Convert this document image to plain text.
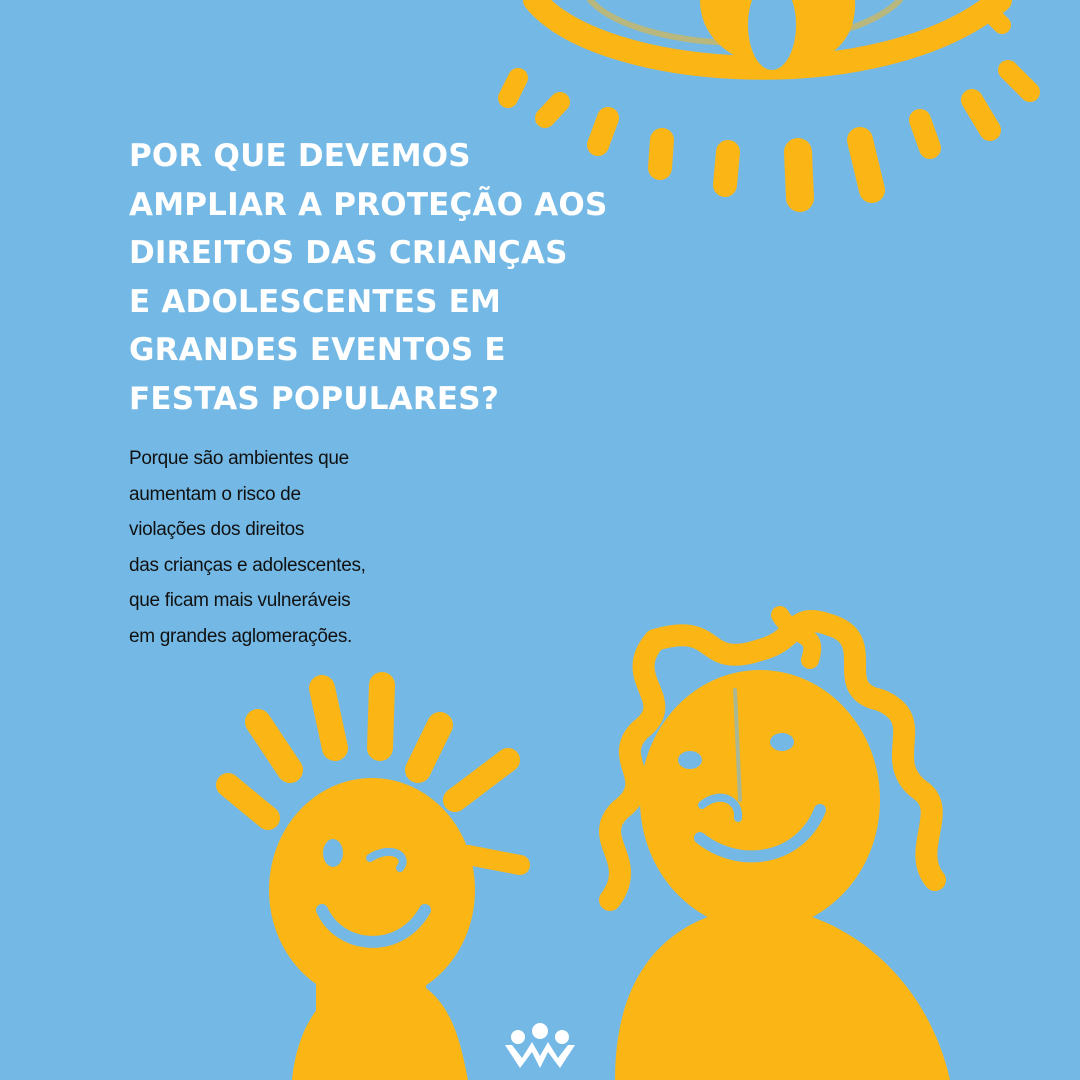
POR QUE DEVEMOS
AMPLIAR A PROTEÇÃO AOS
DIREITOS DAS CRIANÇAS
E ADOLESCENTES EM
GRANDES EVENTOS E
FESTAS POPULARES?

Porque são ambientes que
aumentam o risco de
violações dos direitos
das crianças e adolescentes,
que ficam mais vulneráveis
em grandes aglomerações.
